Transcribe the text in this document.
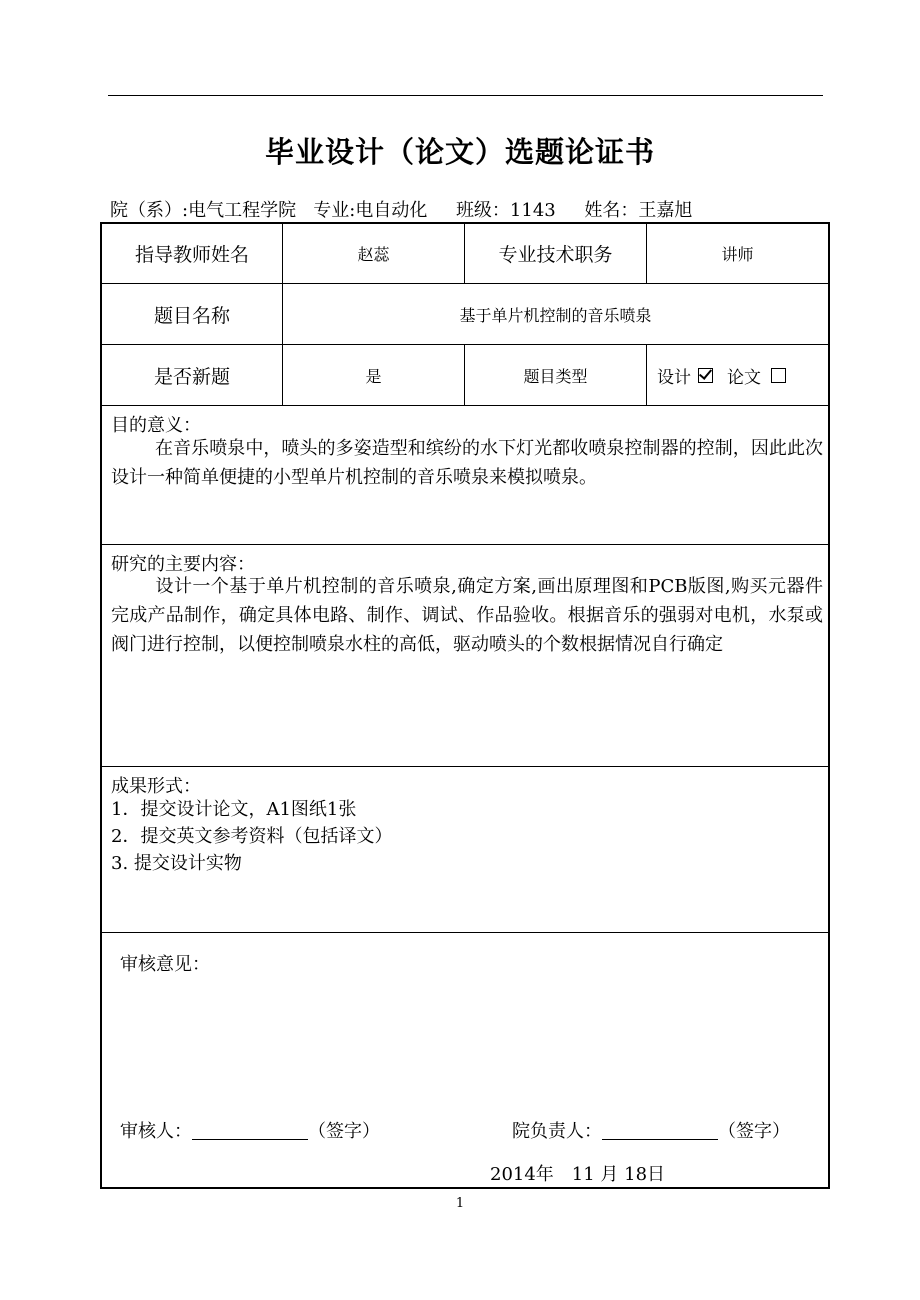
毕业设计（论文）选题论证书
院（系）:电气工程学院 专业:电自动化 班级：1143 姓名：王嘉旭
指导教师姓名	赵蕊	专业技术职务	讲师
题目名称	基于单片机控制的音乐喷泉
是否新题	是	题目类型	设计 论文
目的意义：
在音乐喷泉中，喷头的多姿造型和缤纷的水下灯光都收喷泉控制器的控制，因此此次设计一种简单便捷的小型单片机控制的音乐喷泉来模拟喷泉。
研究的主要内容：
设计一个基于单片机控制的音乐喷泉,确定方案,画出原理图和PCB版图,购买元器件完成产品制作，确定具体电路、制作、调试、作品验收。根据音乐的强弱对电机，水泵或阀门进行控制，以便控制喷泉水柱的高低，驱动喷头的个数根据情况自行确定
成果形式：
1．提交设计论文，A1图纸1张
2．提交英文参考资料（包括译文）
3. 提交设计实物
审核意见：
审核人：	（签字）	院负责人：	（签字）
2014年　11 月 18日
1
